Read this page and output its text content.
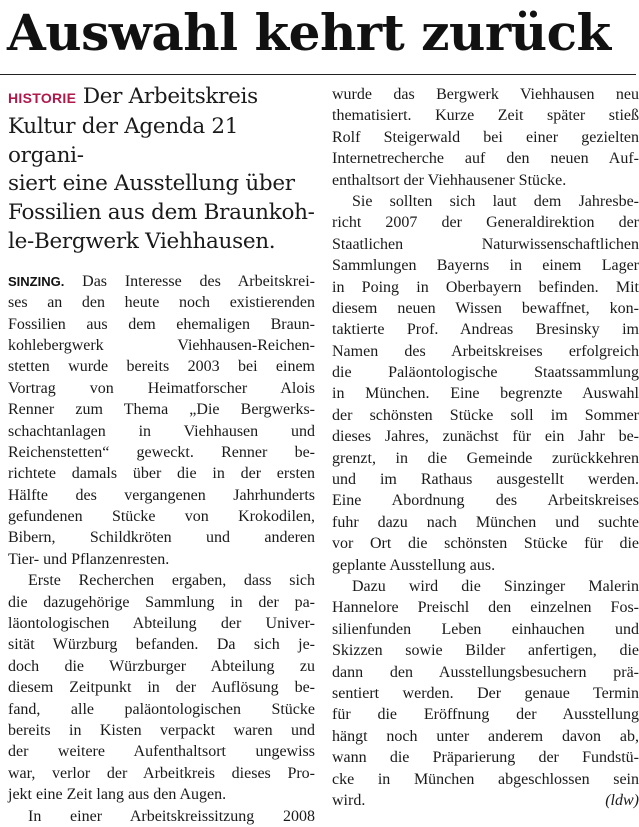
Auswahl kehrt zurück
HISTORIE Der Arbeitskreis
Kultur der Agenda 21 organi-
siert eine Ausstellung über
Fossilien aus dem Braunkoh-
le-Bergwerk Viehhausen.
SINZING. Das Interesse des Arbeitskrei-
ses an den heute noch existierenden
Fossilien aus dem ehemaligen Braun-
kohlebergwerk Viehhausen-Reichen-
stetten wurde bereits 2003 bei einem
Vortrag von Heimatforscher Alois
Renner zum Thema „Die Bergwerks-
schachtanlagen in Viehhausen und
Reichenstetten“ geweckt. Renner be-
richtete damals über die in der ersten
Hälfte des vergangenen Jahrhunderts
gefundenen Stücke von Krokodilen,
Bibern, Schildkröten und anderen
Tier- und Pflanzenresten.
Erste Recherchen ergaben, dass sich
die dazugehörige Sammlung in der pa-
läontologischen Abteilung der Univer-
sität Würzburg befanden. Da sich je-
doch die Würzburger Abteilung zu
diesem Zeitpunkt in der Auflösung be-
fand, alle paläontologischen Stücke
bereits in Kisten verpackt waren und
der weitere Aufenthaltsort ungewiss
war, verlor der Arbeitkreis dieses Pro-
jekt eine Zeit lang aus den Augen.
In einer Arbeitskreissitzung 2008
wurde das Bergwerk Viehhausen neu
thematisiert. Kurze Zeit später stieß
Rolf Steigerwald bei einer gezielten
Internetrecherche auf den neuen Auf-
enthaltsort der Viehhausener Stücke.
Sie sollten sich laut dem Jahresbe-
richt 2007 der Generaldirektion der
Staatlichen Naturwissenschaftlichen
Sammlungen Bayerns in einem Lager
in Poing in Oberbayern befinden. Mit
diesem neuen Wissen bewaffnet, kon-
taktierte Prof. Andreas Bresinsky im
Namen des Arbeitskreises erfolgreich
die Paläontologische Staatssammlung
in München. Eine begrenzte Auswahl
der schönsten Stücke soll im Sommer
dieses Jahres, zunächst für ein Jahr be-
grenzt, in die Gemeinde zurückkehren
und im Rathaus ausgestellt werden.
Eine Abordnung des Arbeitskreises
fuhr dazu nach München und suchte
vor Ort die schönsten Stücke für die
geplante Ausstellung aus.
Dazu wird die Sinzinger Malerin
Hannelore Preischl den einzelnen Fos-
silienfunden Leben einhauchen und
Skizzen sowie Bilder anfertigen, die
dann den Ausstellungsbesuchern prä-
sentiert werden. Der genaue Termin
für die Eröffnung der Ausstellung
hängt noch unter anderem davon ab,
wann die Präparierung der Fundstü-
cke in München abgeschlossen sein
wird.	(ldw)
